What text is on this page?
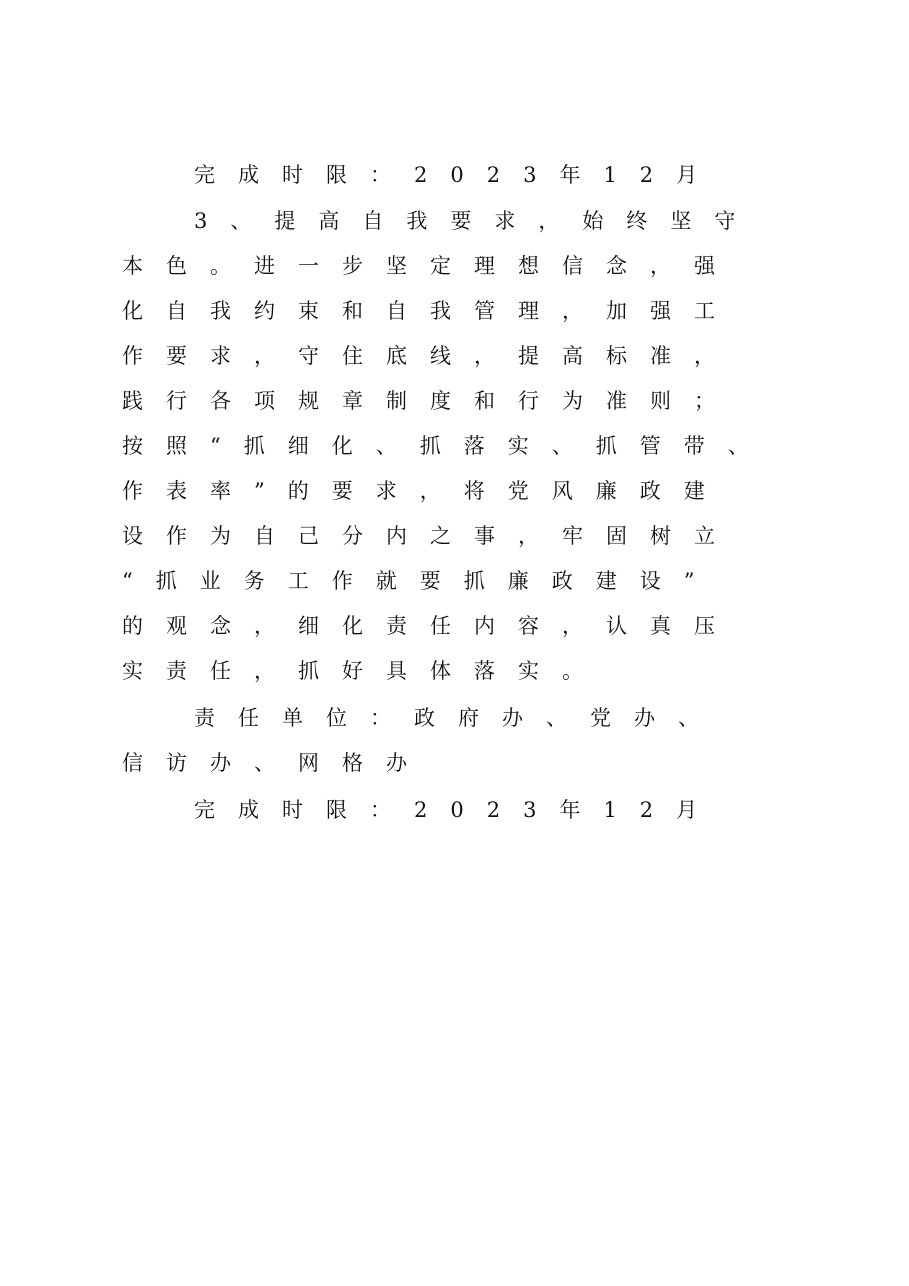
完成时限：2023年12月
3、提高自我要求，始终坚守
本色。进一步坚定理想信念，强
化自我约束和自我管理，加强工
作要求，守住底线，提高标准，
践行各项规章制度和行为准则；
按照“抓细化、抓落实、抓管带、
作表率”的要求，将党风廉政建
设作为自己分内之事，牢固树立
“抓业务工作就要抓廉政建设”
的观念，细化责任内容，认真压
实责任，抓好具体落实。
责任单位：政府办、党办、
信访办、网格办
完成时限：2023年12月
